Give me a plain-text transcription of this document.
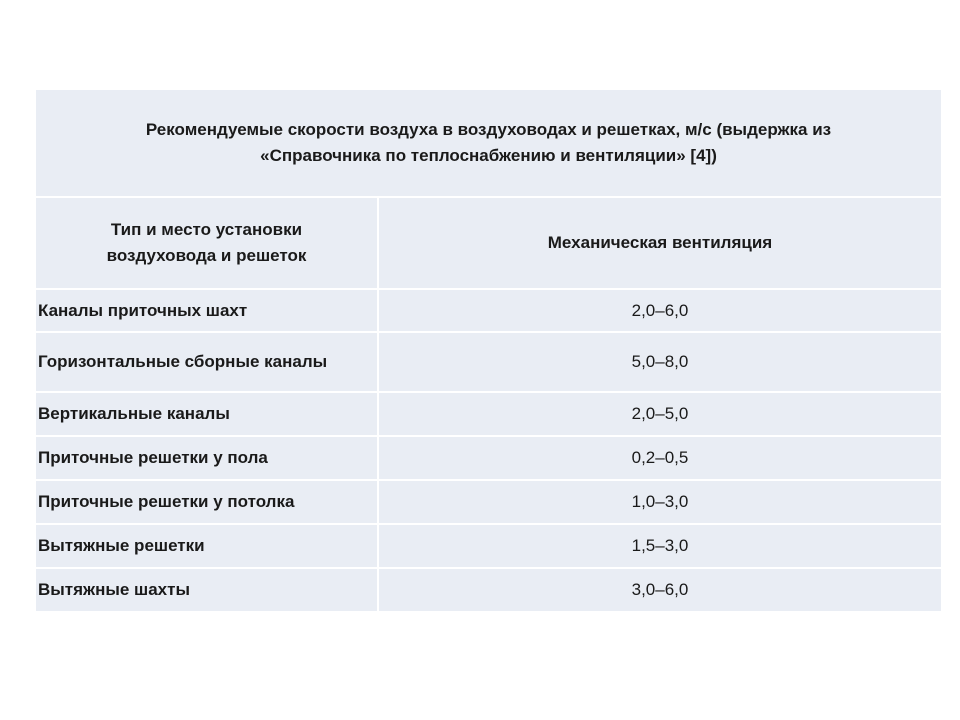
Рекомендуемые скорости воздуха в воздуховодах и решетках, м/с (выдержка из
«Справочника по теплоснабжению и вентиляции» [4])	

Тип и место установки
воздуховода и решеток	Механическая вентиляция
Каналы приточных шахт	2,0–6,0
Горизонтальные сборные каналы	5,0–8,0
Вертикальные каналы	2,0–5,0
Приточные решетки у пола	0,2–0,5
Приточные решетки у потолка	1,0–3,0
Вытяжные решетки	1,5–3,0
Вытяжные шахты	3,0–6,0
